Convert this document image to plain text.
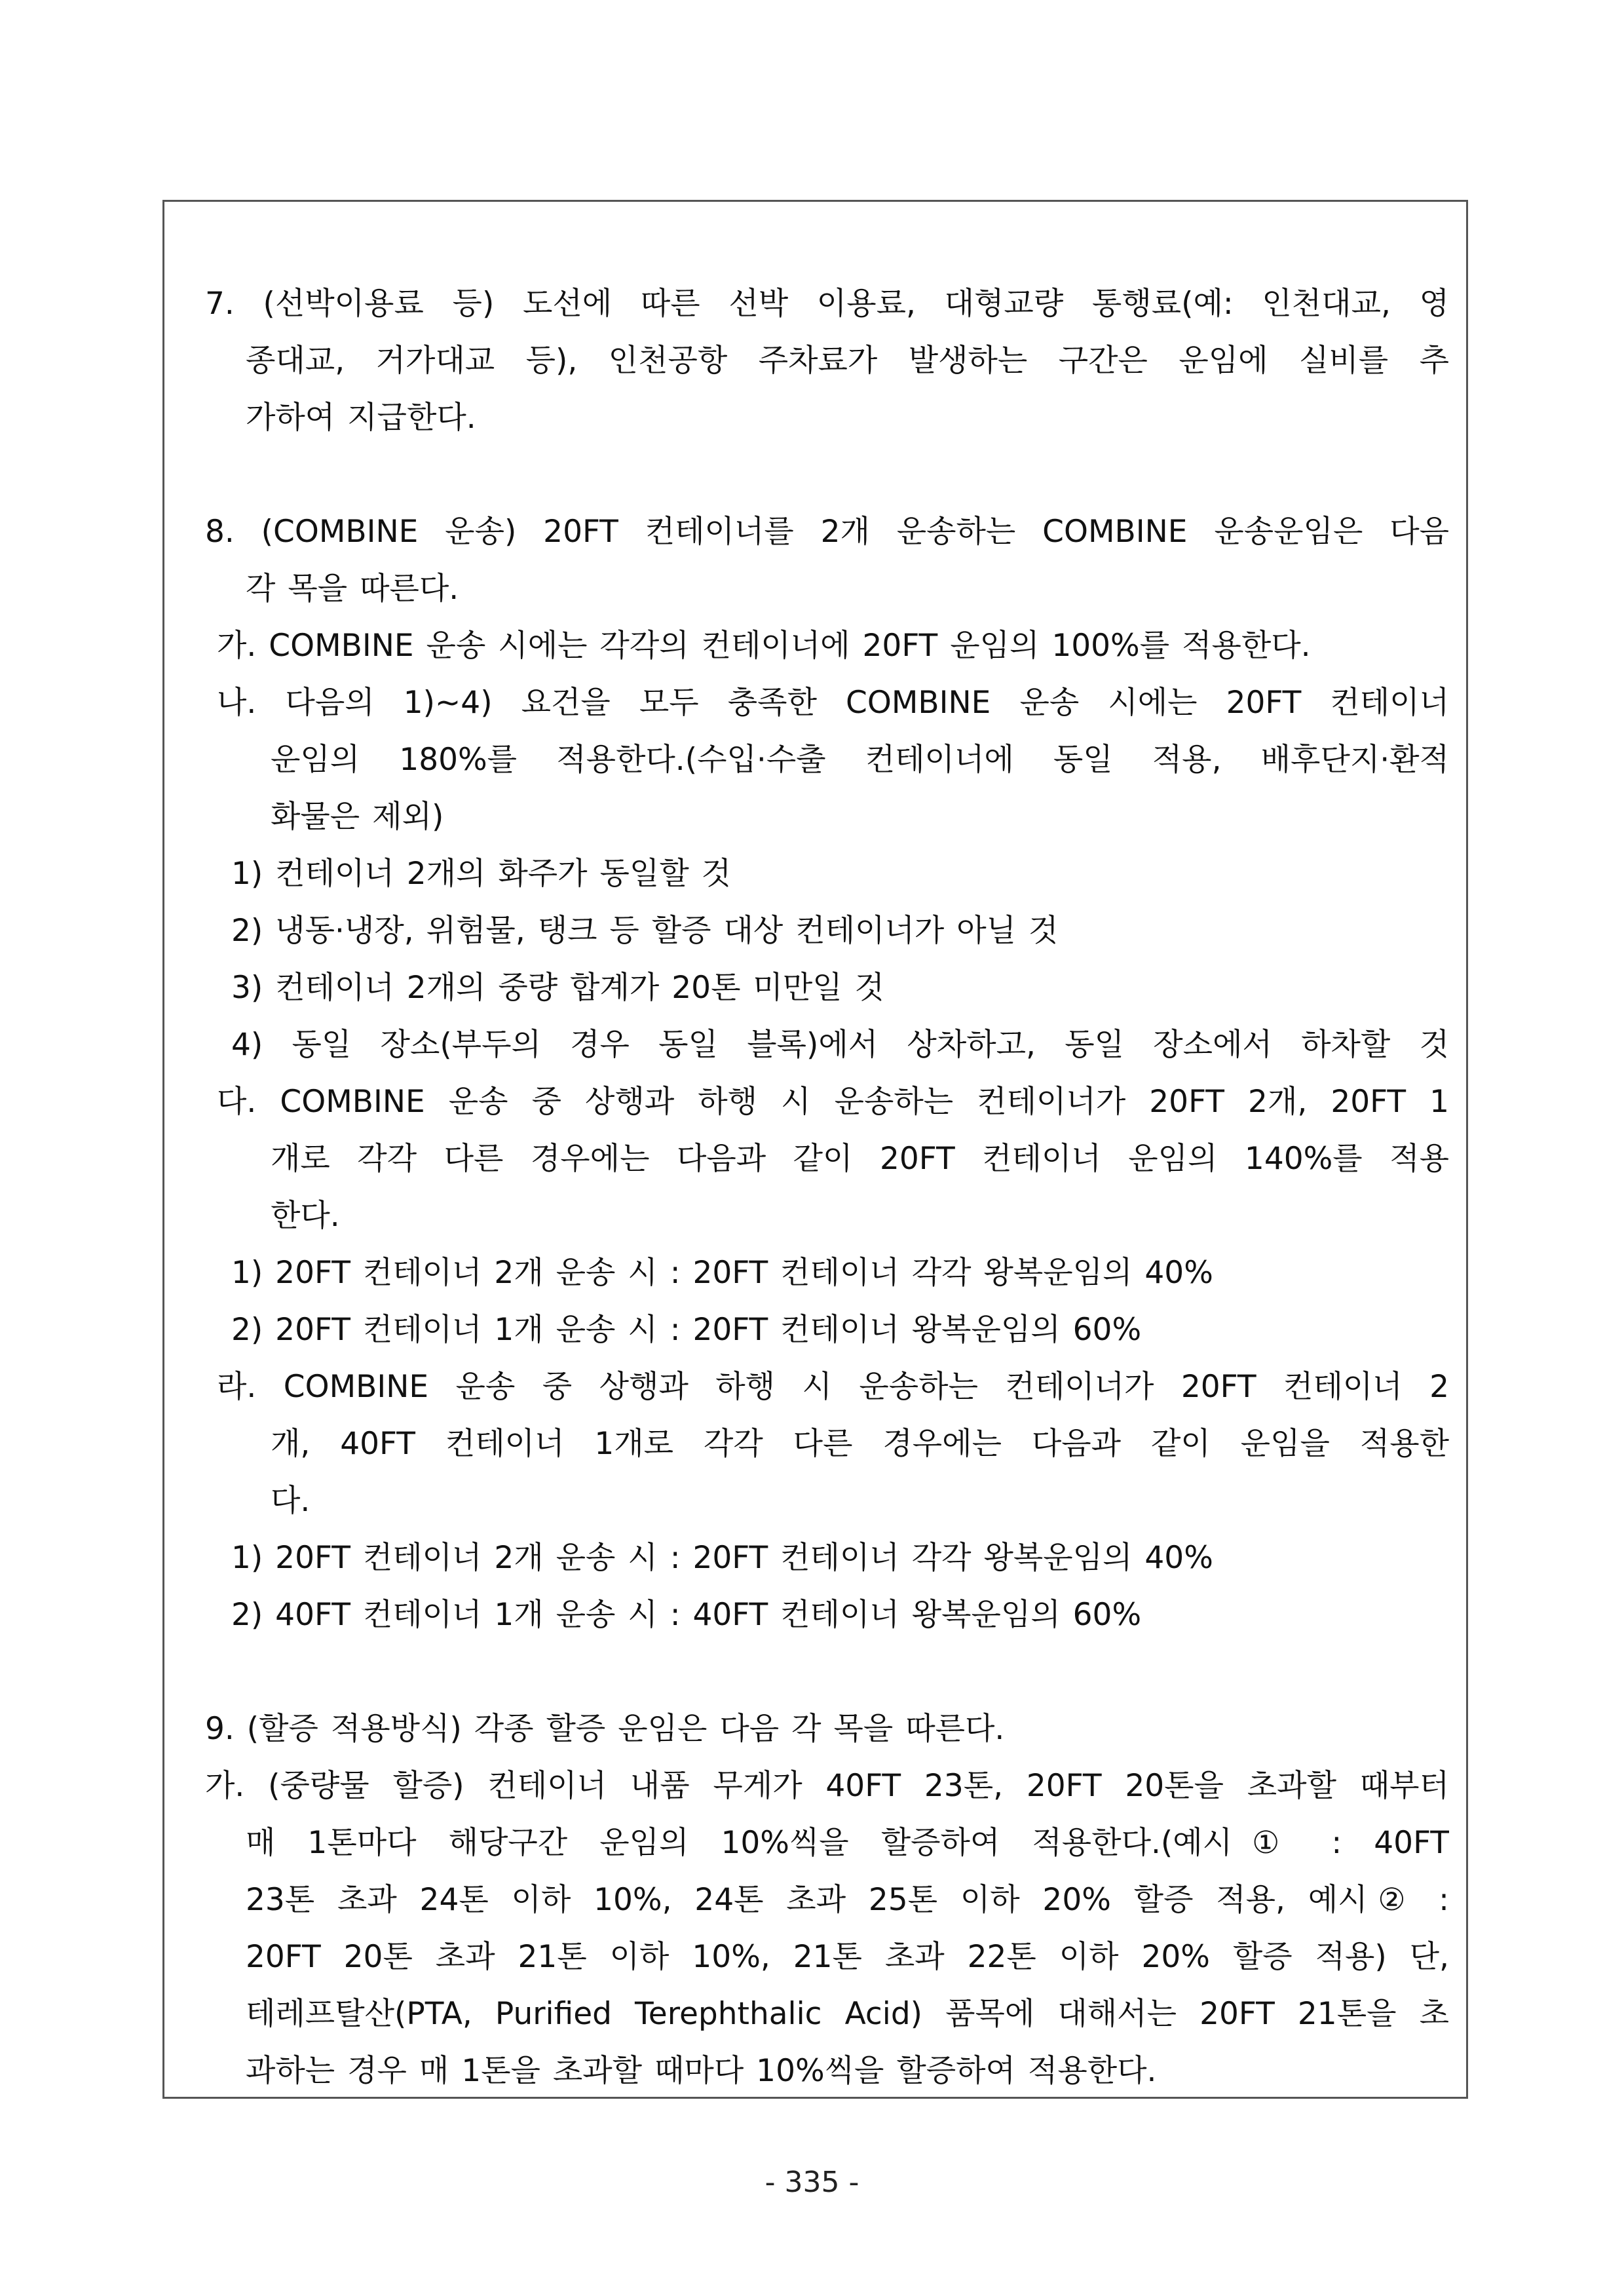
7. (선박이용료 등) 도선에 따른 선박 이용료, 대형교량 통행료(예: 인천대교, 영
종대교, 거가대교 등), 인천공항 주차료가 발생하는 구간은 운임에 실비를 추
가하여 지급한다.
8. (COMBINE 운송) 20FT 컨테이너를 2개 운송하는 COMBINE 운송운임은 다음
각 목을 따른다.
가. COMBINE 운송 시에는 각각의 컨테이너에 20FT 운임의 100%를 적용한다.
나. 다음의 1)~4) 요건을 모두 충족한 COMBINE 운송 시에는 20FT 컨테이너
운임의 180%를 적용한다.(수입·수출 컨테이너에 동일 적용, 배후단지·환적
화물은 제외)
1) 컨테이너 2개의 화주가 동일할 것
2) 냉동·냉장, 위험물, 탱크 등 할증 대상 컨테이너가 아닐 것
3) 컨테이너 2개의 중량 합계가 20톤 미만일 것
4) 동일 장소(부두의 경우 동일 블록)에서 상차하고, 동일 장소에서 하차할 것
다. COMBINE 운송 중 상행과 하행 시 운송하는 컨테이너가 20FT 2개, 20FT 1
개로 각각 다른 경우에는 다음과 같이 20FT 컨테이너 운임의 140%를 적용
한다.
1) 20FT 컨테이너 2개 운송 시 : 20FT 컨테이너 각각 왕복운임의 40%
2) 20FT 컨테이너 1개 운송 시 : 20FT 컨테이너 왕복운임의 60%
라. COMBINE 운송 중 상행과 하행 시 운송하는 컨테이너가 20FT 컨테이너 2
개, 40FT 컨테이너 1개로 각각 다른 경우에는 다음과 같이 운임을 적용한
다.
1) 20FT 컨테이너 2개 운송 시 : 20FT 컨테이너 각각 왕복운임의 40%
2) 40FT 컨테이너 1개 운송 시 : 40FT 컨테이너 왕복운임의 60%
9. (할증 적용방식) 각종 할증 운임은 다음 각 목을 따른다.
가. (중량물 할증) 컨테이너 내품 무게가 40FT 23톤, 20FT 20톤을 초과할 때부터
매 1톤마다 해당구간 운임의 10%씩을 할증하여 적용한다.(예시① : 40FT
23톤 초과 24톤 이하 10%, 24톤 초과 25톤 이하 20% 할증 적용, 예시② :
20FT 20톤 초과 21톤 이하 10%, 21톤 초과 22톤 이하 20% 할증 적용) 단,
테레프탈산(PTA, Purified Terephthalic Acid) 품목에 대해서는 20FT 21톤을 초
과하는 경우 매 1톤을 초과할 때마다 10%씩을 할증하여 적용한다.
- 335 -
